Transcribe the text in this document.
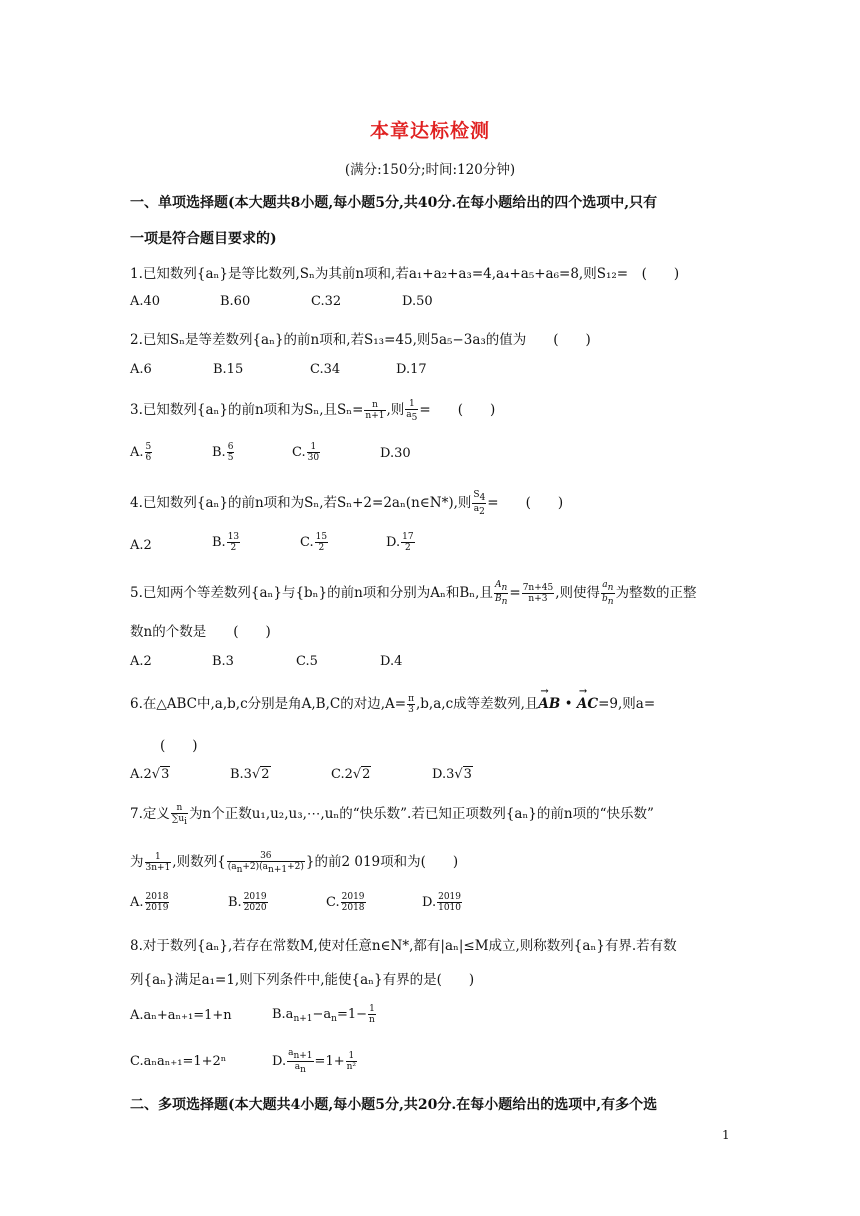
本章达标检测
(满分:150分;时间:120分钟)
一、单项选择题(本大题共8小题,每小题5分,共40分.在每小题给出的四个选项中,只有
一项是符合题目要求的)
1.已知数列{aₙ}是等比数列,Sₙ为其前n项和,若a₁+a₂+a₃=4,a₄+a₅+a₆=8,则S₁₂=　(　　)
A.40	B.60	C.32	D.50
2.已知Sₙ是等差数列{aₙ}的前n项和,若S₁₃=45,则5a₅−3a₃的值为　　(　　)
A.6	B.15	C.34	D.17
3.已知数列{aₙ}的前n项和为Sₙ,且$S_n= \frac{n}{n+1}$ ,则 $\frac{1}{a5}$ =　　(　　)
A. $\frac{5}{6}$	B. $\frac{6}{5}$	C. $\frac{1}{30}$	D.30
4.已知数列{aₙ}的前n项和为Sₙ,若Sₙ+2=2aₙ(n∈N*),则 $\frac{S4}{a2}$ =　　(　　)
A.2	B. $\frac{13}{2}$	C. $\frac{15}{2}$	D. $\frac{17}{2}$
5.已知两个等差数列{aₙ}与{bₙ}的前n项和分别为Aₙ和Bₙ,且 $\frac{An}{Bn} = \frac{7n+45}{n+3}$ ,则使得 $\frac{an}{bn}$ 为整数的正整
数n的个数是　　(　　)
A.2	B.3	C.5	D.4
6.在△ABC中,a,b,c分别是角A,B,C的对边$,A= \frac{\pi}{3} ,b,a,c$成等差数列,且→ AB • → AC=9,则a=
(　　)
A.2√3	B.3√2	C.2√2	D.3√3
7.定义 $\frac{n}{\sum ui}$ 为n个正数u₁,u₂,u₃,⋯,uₙ的“快乐数”.若已知正项数列{aₙ}的前n项的“快乐数”
为 $\frac{1}{3n+1}$ ,则数列{ $\frac{36}{(an+2)(an+1+2)}$ }的前2 019项和为(　　)
A. $\frac{2018}{2019}$	B. $\frac{2019}{2020}$	C. $\frac{2019}{2018}$	D. $\frac{2019}{1010}$
8.对于数列{aₙ},若存在常数M,使对任意n∈N*,都有|aₙ|≤M成立,则称数列{aₙ}有界.若有数
列{aₙ}满足a₁=1,则下列条件中,能使{aₙ}有界的是(　　)
A.aₙ+aₙ₊₁=1+n	$B.a_{n+1}-a_n=1- \frac{1}{n}$
C.aₙaₙ₊₁=1+2ⁿ	D. $\frac{an+1}{an} =1+ \frac{1}{\text{n²}}$
二、多项选择题(本大题共4小题,每小题5分,共20分.在每小题给出的选项中,有多个选
1
